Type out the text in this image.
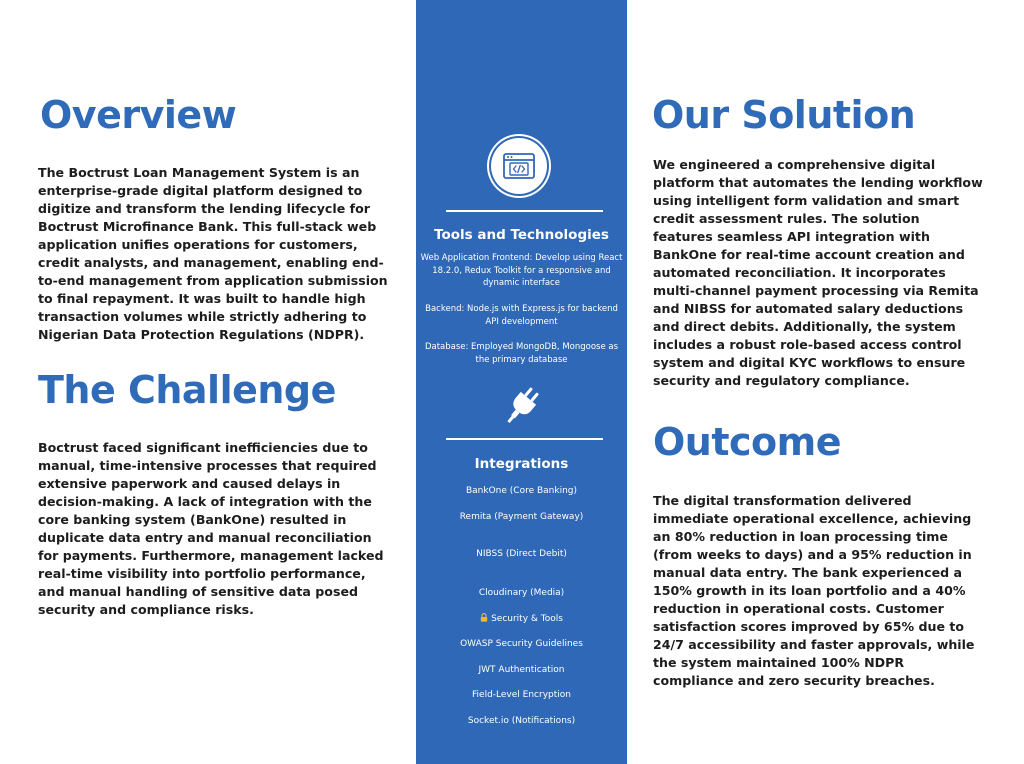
Overview

The Boctrust Loan Management System is an enterprise-grade digital platform designed to digitize and transform the lending lifecycle for Boctrust Microfinance Bank. This full-stack web application unifies operations for customers, credit analysts, and management, enabling end-to-end management from application submission to final repayment. It was built to handle high transaction volumes while strictly adhering to Nigerian Data Protection Regulations (NDPR).

The Challenge

Boctrust faced significant inefficiencies due to manual, time-intensive processes that required extensive paperwork and caused delays in decision-making. A lack of integration with the core banking system (BankOne) resulted in duplicate data entry and manual reconciliation for payments. Furthermore, management lacked real-time visibility into portfolio performance, and manual handling of sensitive data posed security and compliance risks.

Tools and Technologies

Web Application Frontend: Develop using React 18.2.0, Redux Toolkit for a responsive and dynamic interface

Backend: Node.js with Express.js for backend API development

Database: Employed MongoDB, Mongoose as the primary database

Integrations

BankOne (Core Banking)

Remita (Payment Gateway)

NIBSS (Direct Debit)

Cloudinary (Media)

Security & Tools

OWASP Security Guidelines

JWT Authentication

Field-Level Encryption

Socket.io (Notifications)

Our Solution

We engineered a comprehensive digital platform that automates the lending workflow using intelligent form validation and smart credit assessment rules. The solution features seamless API integration with BankOne for real-time account creation and automated reconciliation. It incorporates multi-channel payment processing via Remita and NIBSS for automated salary deductions and direct debits. Additionally, the system includes a robust role-based access control system and digital KYC workflows to ensure security and regulatory compliance.

Outcome

The digital transformation delivered immediate operational excellence, achieving an 80% reduction in loan processing time (from weeks to days) and a 95% reduction in manual data entry. The bank experienced a 150% growth in its loan portfolio and a 40% reduction in operational costs. Customer satisfaction scores improved by 65% due to 24/7 accessibility and faster approvals, while the system maintained 100% NDPR compliance and zero security breaches.
